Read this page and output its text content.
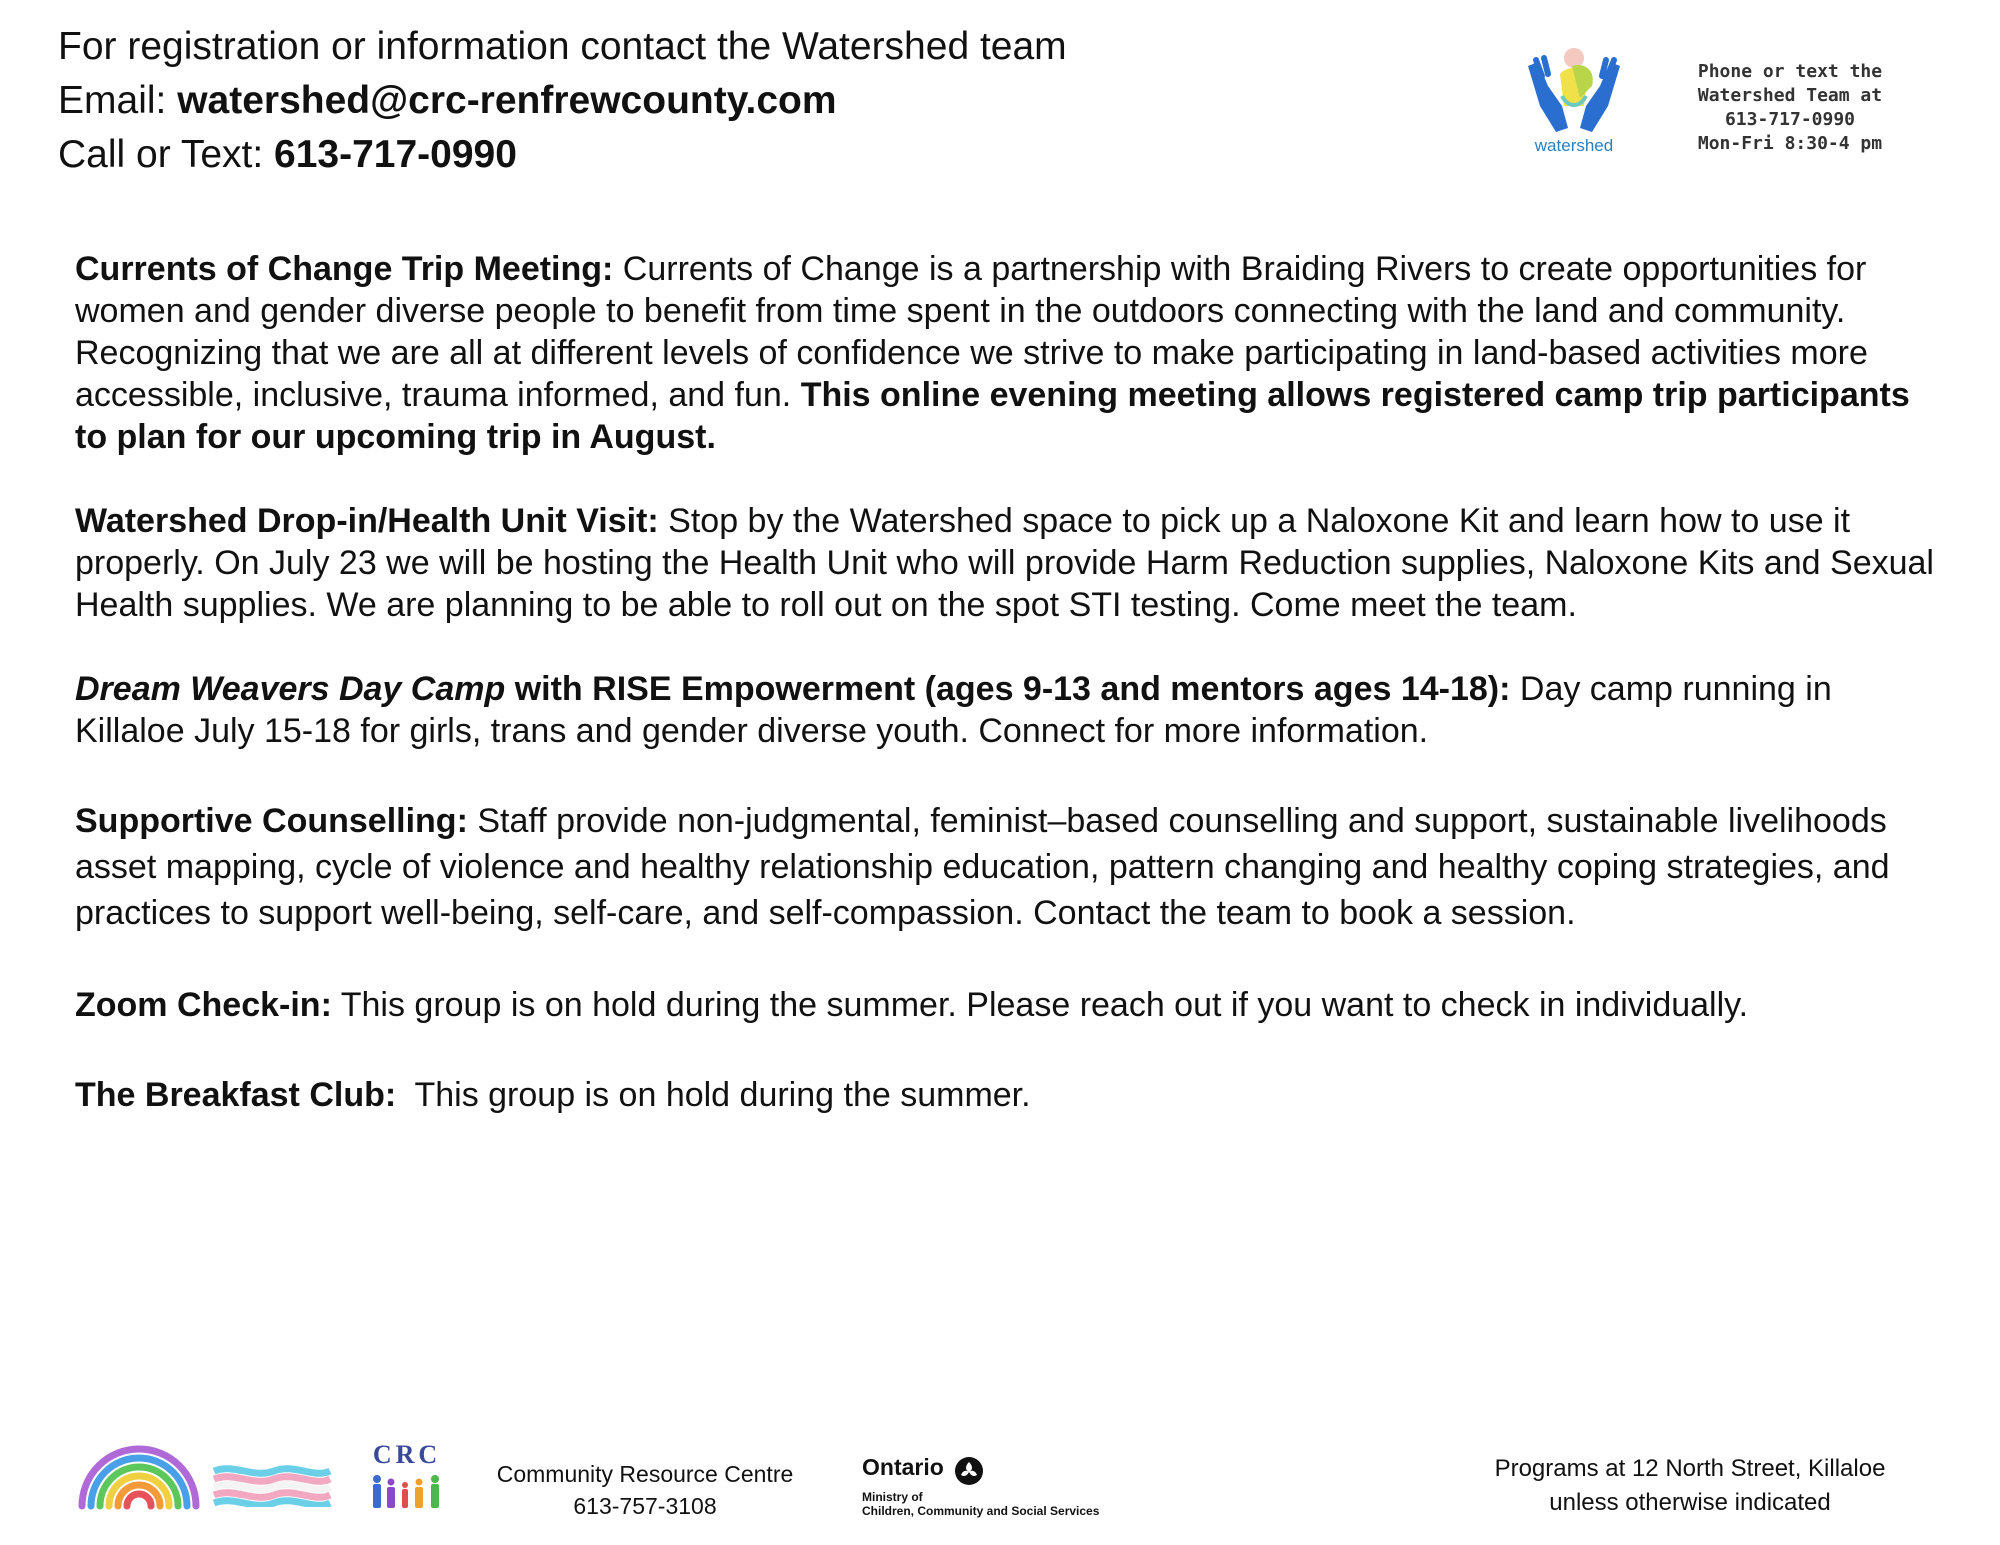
For registration or information contact the Watershed team
Email: watershed@crc-renfrewcounty.com
Call or Text: 613-717-0990	watershed
Phone or text the
Watershed Team at
613-717-0990
Mon-Fri 8:30-4 pm

Currents of Change Trip Meeting: Currents of Change is a partnership with Braiding Rivers to create opportunities for women and gender diverse people to benefit from time spent in the outdoors connecting with the land and community. Recognizing that we are all at different levels of confidence we strive to make participating in land-based activities more accessible, inclusive, trauma informed, and fun. This online evening meeting allows registered camp trip participants to plan for our upcoming trip in August.

Watershed Drop-in/Health Unit Visit: Stop by the Watershed space to pick up a Naloxone Kit and learn how to use it properly. On July 23 we will be hosting the Health Unit who will provide Harm Reduction supplies, Naloxone Kits and Sexual Health supplies. We are planning to be able to roll out on the spot STI testing. Come meet the team.

Dream Weavers Day Camp with RISE Empowerment (ages 9-13 and mentors ages 14-18): Day camp running in Killaloe July 15-18 for girls, trans and gender diverse youth. Connect for more information.

Supportive Counselling: Staff provide non-judgmental, feminist–based counselling and support, sustainable livelihoods asset mapping, cycle of violence and healthy relationship education, pattern changing and healthy coping strategies, and practices to support well-being, self-care, and self-compassion. Contact the team to book a session.

Zoom Check-in: This group is on hold during the summer. Please reach out if you want to check in individually.

The Breakfast Club:  This group is on hold during the summer.

CRC
Community Resource Centre
613-757-3108
Ontario
Ministry of
Children, Community and Social Services
Programs at 12 North Street, Killaloe
unless otherwise indicated
